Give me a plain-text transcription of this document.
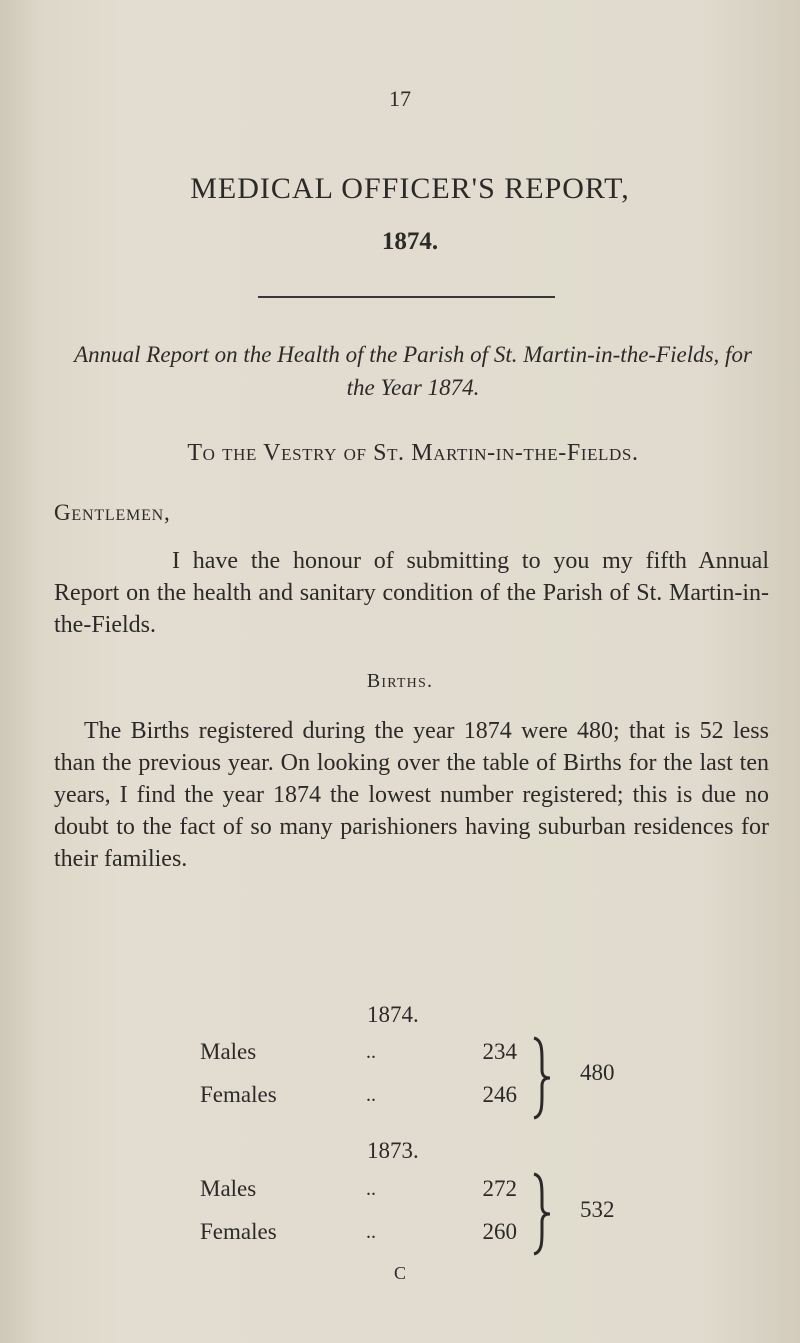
17
MEDICAL OFFICER'S REPORT,
1874.
Annual Report on the Health of the Parish of St. Martin-in-the-Fields, for the Year 1874.
To the Vestry of St. Martin-in-the-Fields.
Gentlemen,
I have the honour of submitting to you my fifth Annual Report on the health and sanitary condition of the Parish of St. Martin-in-the-Fields.
Births.
The Births registered during the year 1874 were 480; that is 52 less than the previous year. On looking over the table of Births for the last ten years, I find the year 1874 the lowest number registered; this is due no doubt to the fact of so many parishioners having suburban residences for their families.
1874.
Males	..	234
Females	..	246
480
1873.
Males	..	272
Females	..	260
532
C
